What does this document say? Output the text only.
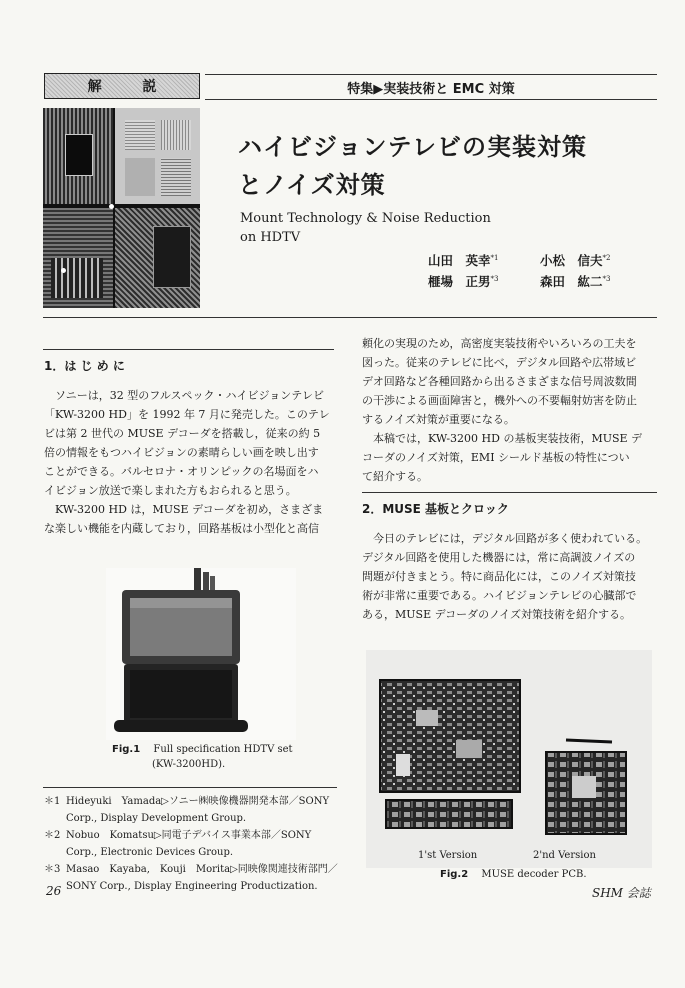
解 説	特集▶実装技術と EMC 対策
ハイビジョンテレビの実装対策
とノイズ対策
Mount Technology & Noise Reduction
on HDTV
山田　英幸$^{*1}$	小松　信夫$^{*2}$
榧場　正男$^{*3}$	森田　紘二$^{*3}$
1．は じ め に
　ソニーは，32 型のフルスペック・ハイビジョンテレビ
「KW-3200 HD」を 1992 年 7 月に発売した。このテレ
ビは第 2 世代の MUSE デコーダを搭載し，従来の約 5
倍の情報をもつハイビジョンの素晴らしい画を映し出す
ことができる。バルセロナ・オリンピックの名場面をハ
イビジョン放送で楽しまれた方もおられると思う。
　KW-3200 HD は，MUSE デコーダを初め，さまざま
な楽しい機能を内蔵しており，回路基板は小型化と高信
頼化の実現のため，高密度実装技術やいろいろの工夫を
図った。従来のテレビに比べ，デジタル回路や広帯域ビ
デオ回路など各種回路から出るさまざまな信号周波数間
の干渉による画面障害と，機外への不要輻射妨害を防止
するノイズ対策が重要になる。
　本稿では，KW-3200 HD の基板実装技術，MUSE デ
コーダのノイズ対策，EMI シールド基板の特性につい
て紹介する。
2．MUSE 基板とクロック
　今日のテレビには，デジタル回路が多く使われている。
デジタル回路を使用した機器には，常に高調波ノイズの
問題が付きまとう。特に商品化には，このノイズ対策技
術が非常に重要である。ハイビジョンテレビの心臓部で
ある，MUSE デコーダのノイズ対策技術を紹介する。
Fig.1 Full specification HDTV set
(KW-3200HD).
＊1 Hideyuki　Yamada▷ソニー㈱映像機器開発本部／SONY
Corp., Display Development Group.
＊2 Nobuo　Komatsu▷同電子デバイス事業本部／SONY
Corp., Electronic Devices Group.
＊3 Masao　Kayaba,　Kouji　Morita▷同映像関連技術部門／
SONY Corp., Display Engineering Productization.
1'st Version	2'nd Version
Fig.2 MUSE decoder PCB.
26	SHM 会誌
